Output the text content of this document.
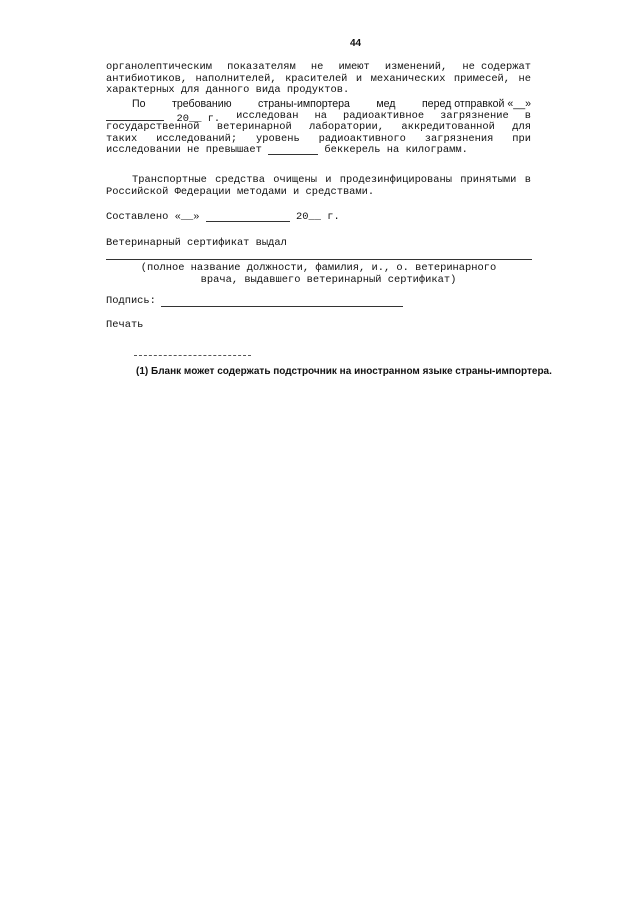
44
органолептическим показателям не имеют изменений, не содержат
антибиотиков, наполнителей, красителей и механических примесей, не
характерных для данного вида продуктов.
По требованию страны-импортера мед перед отправкой «__»
20__ г. исследован на радиоактивное загрязнение в
государственной ветеринарной лаборатории, аккредитованной для
таких исследований; уровень радиоактивного загрязнения при
исследовании не превышает

	беккерель на килограмм.
Транспортные средства очищены и продезинфицированы принятыми в
Российской Федерации методами и средствами.
Составлено «__»

	20__ г.
Ветеринарный сертификат выдал
(полное название должности, фамилия, и., о. ветеринарного
врача, выдавшего ветеринарный сертификат)
Подпись:
Печать
(1) Бланк может содержать подстрочник на иностранном языке страны-импортера.
